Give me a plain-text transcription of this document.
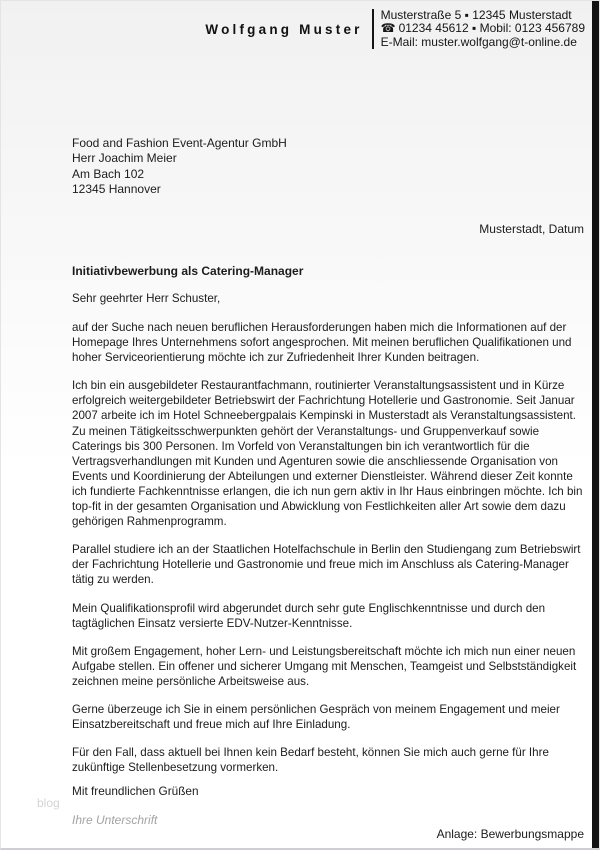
Wolfgang Muster
Musterstraße 5 ▪ 12345 Musterstadt
☎ 01234 45612 ▪ Mobil: 0123 456789
E-Mail: muster.wolfgang@t-online.de
Food and Fashion Event-Agentur GmbH
Herr Joachim Meier
Am Bach 102
12345 Hannover
Musterstadt, Datum
Initiativbewerbung als Catering-Manager
Sehr geehrter Herr Schuster,

auf der Suche nach neuen beruflichen Herausforderungen haben mich die Informationen auf der Homepage Ihres Unternehmens sofort angesprochen. Mit meinen beruflichen Qualifikationen und hoher Serviceorientierung möchte ich zur Zufriedenheit Ihrer Kunden beitragen.

Ich bin ein ausgebildeter Restaurantfachmann, routinierter Veranstaltungsassistent und in Kürze erfolgreich weitergebildeter Betriebswirt der Fachrichtung Hotellerie und Gastronomie. Seit Januar 2007 arbeite ich im Hotel Schneebergpalais Kempinski in Musterstadt als Veranstaltungsassistent. Zu meinen Tätigkeitsschwerpunkten gehört der Veranstaltungs- und Gruppenverkauf sowie Caterings bis 300 Personen. Im Vorfeld von Veranstaltungen bin ich verantwortlich für die Vertragsverhandlungen mit Kunden und Agenturen sowie die anschliessende Organisation von Events und Koordinierung der Abteilungen und externer Dienstleister. Während dieser Zeit konnte ich fundierte Fachkenntnisse erlangen, die ich nun gern aktiv in Ihr Haus einbringen möchte. Ich bin top-fit in der gesamten Organisation und Abwicklung von Festlichkeiten aller Art sowie dem dazu gehörigen Rahmenprogramm.

Parallel studiere ich an der Staatlichen Hotelfachschule in Berlin den Studiengang zum Betriebswirt der Fachrichtung Hotellerie und Gastronomie und freue mich im Anschluss als Catering-Manager tätig zu werden.

Mein Qualifikationsprofil wird abgerundet durch sehr gute Englischkenntnisse und durch den tagtäglichen Einsatz versierte EDV-Nutzer-Kenntnisse.

Mit großem Engagement, hoher Lern- und Leistungsbereitschaft möchte ich mich nun einer neuen Aufgabe stellen. Ein offener und sicherer Umgang mit Menschen, Teamgeist und Selbstständigkeit zeichnen meine persönliche Arbeitsweise aus.

Gerne überzeuge ich Sie in einem persönlichen Gespräch von meinem Engagement und meier Einsatzbereitschaft und freue mich auf Ihre Einladung.

Für den Fall, dass aktuell bei Ihnen kein Bedarf besteht, können Sie mich auch gerne für Ihre zukünftige Stellenbesetzung vormerken.

Mit freundlichen Grüßen
Ihre Unterschrift
Anlage: Bewerbungsmappe
blog
